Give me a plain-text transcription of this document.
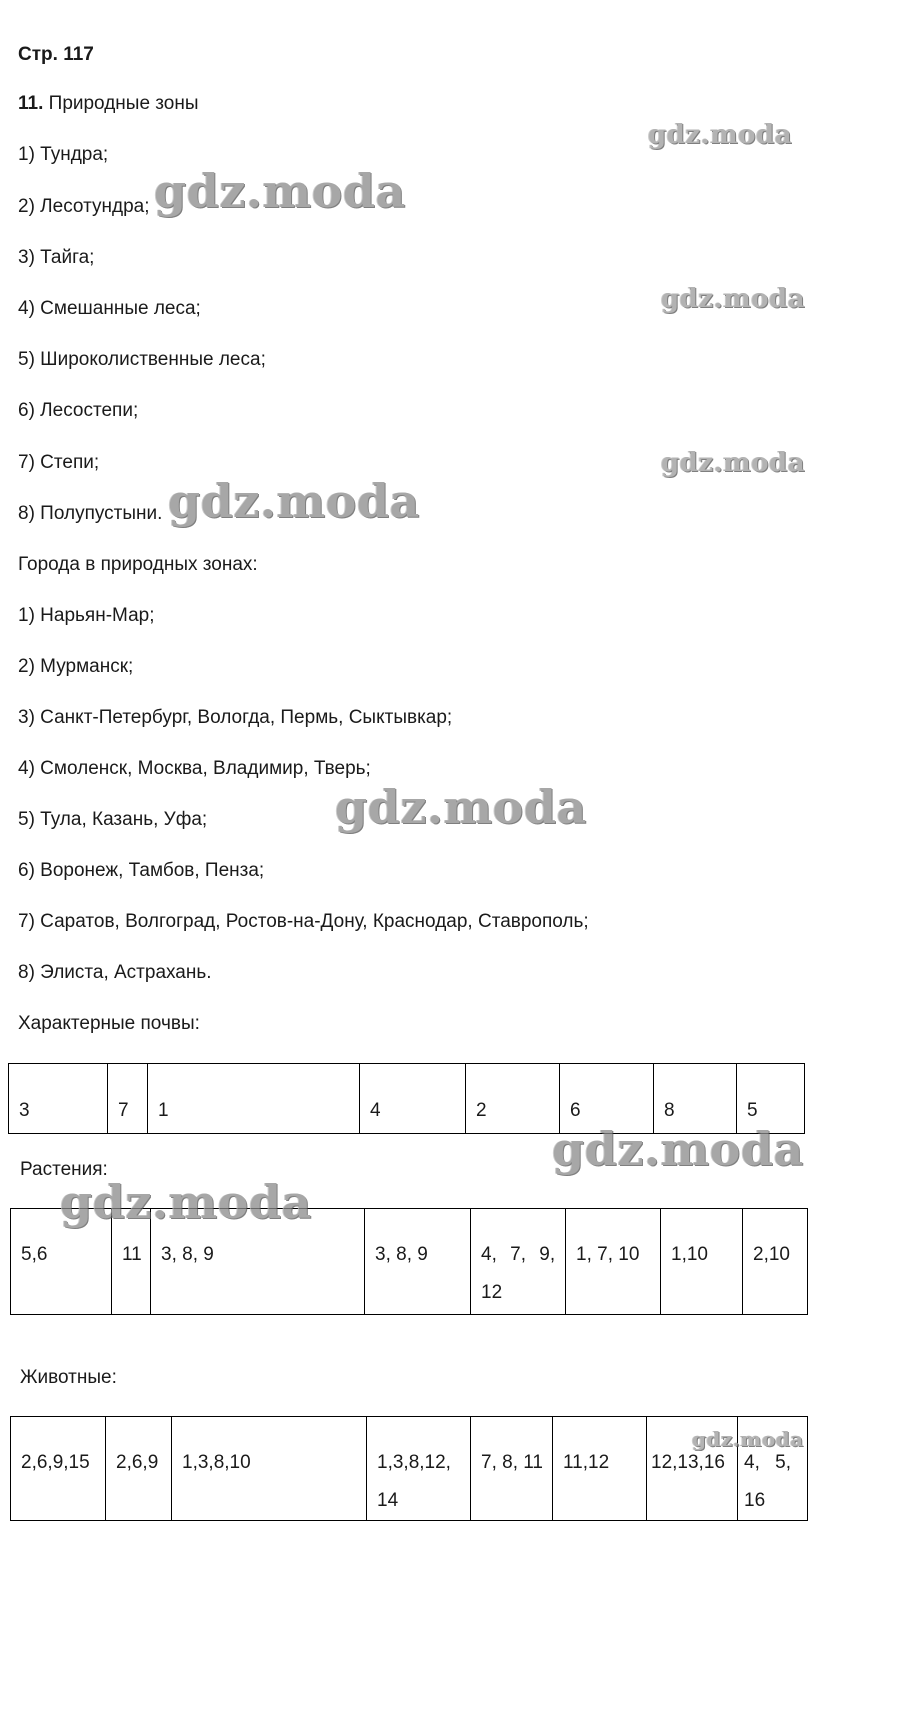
Стр. 117
11. Природные зоны
1) Тундра;
2) Лесотундра;
3) Тайга;
4) Смешанные леса;
5) Широколиственные леса;
6) Лесостепи;
7) Степи;
8) Полупустыни.
Города в природных зонах:
1) Нарьян-Мар;
2) Мурманск;
3) Санкт-Петербург, Вологда, Пермь, Сыктывкар;
4) Смоленск, Москва, Владимир, Тверь;
5) Тула, Казань, Уфа;
6) Воронеж, Тамбов, Пенза;
7) Саратов, Волгоград, Ростов-на-Дону, Краснодар, Ставрополь;
8) Элиста, Астрахань.
Характерные почвы:
3	7	1	4	2	6	8	5
Растения:
5,6	11	3, 8, 9	3, 8, 9	4, 7, 9, 12	1, 7, 10	1,10	2,10
Животные:
2,6,9,15	2,6,9	1,3,8,10	1,3,8,12, 14	7, 8, 11	11,12	12,13,16	4, 5, 16
gdz.moda
gdz.moda
gdz.moda
gdz.moda
gdz.moda
gdz.moda
gdz.moda
gdz.moda
gdz.moda
